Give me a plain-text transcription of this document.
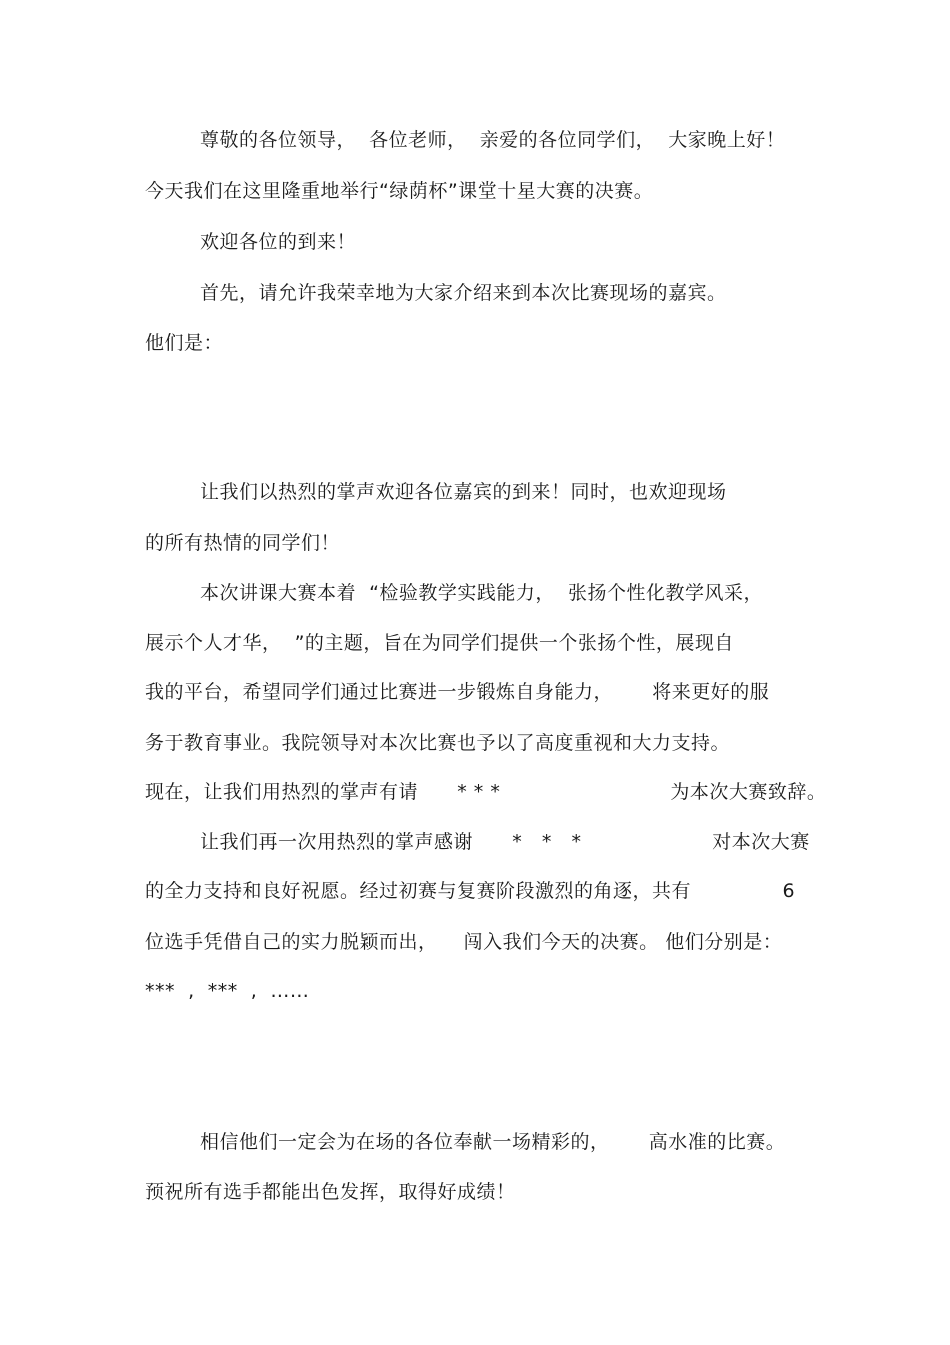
尊敬的各位领导，  各位老师，  亲爱的各位同学们，  大家晚上好！
今天我们在这里隆重地举行“绿荫杯”课堂十星大赛的决赛。
欢迎各位的到来！
首先，请允许我荣幸地为大家介绍来到本次比赛现场的嘉宾。
他们是：
让我们以热烈的掌声欢迎各位嘉宾的到来！同时，也欢迎现场
的所有热情的同学们！
本次讲课大赛本着  “检验教学实践能力，  张扬个性化教学风采，
展示个人才华，  ”的主题，旨在为同学们提供一个张扬个性，展现自
我的平台，希望同学们通过比赛进一步锻炼自身能力，      将来更好的服
务于教育事业。我院领导对本次比赛也予以了高度重视和大力支持。
现在，让我们用热烈的掌声有请      * * *                          为本次大赛致辞。
让我们再一次用热烈的掌声感谢      *   *   *                    对本次大赛
的全力支持和良好祝愿。经过初赛与复赛阶段激烈的角逐，共有              6
位选手凭借自己的实力脱颖而出，    闯入我们今天的决赛。 他们分别是：
***  ,  ***  ,  ……
相信他们一定会为在场的各位奉献一场精彩的，      高水准的比赛。
预祝所有选手都能出色发挥，取得好成绩！
